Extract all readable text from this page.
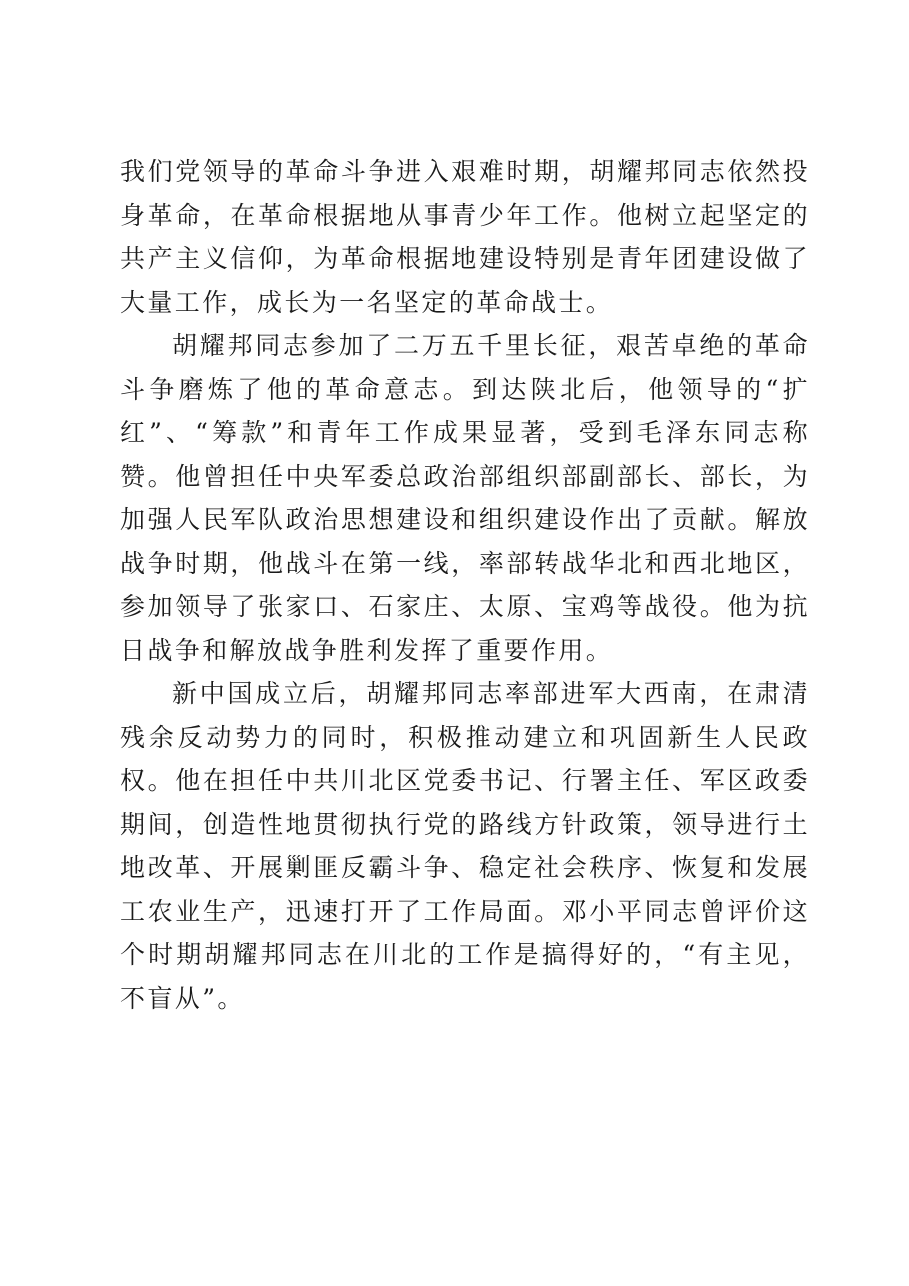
我们党领导的革命斗争进入艰难时期，胡耀邦同志依然投身革命，在革命根据地从事青少年工作。他树立起坚定的共产主义信仰，为革命根据地建设特别是青年团建设做了大量工作，成长为一名坚定的革命战士。

胡耀邦同志参加了二万五千里长征，艰苦卓绝的革命斗争磨炼了他的革命意志。到达陕北后，他领导的“扩红”、“筹款”和青年工作成果显著，受到毛泽东同志称赞。他曾担任中央军委总政治部组织部副部长、部长，为加强人民军队政治思想建设和组织建设作出了贡献。解放战争时期，他战斗在第一线，率部转战华北和西北地区，参加领导了张家口、石家庄、太原、宝鸡等战役。他为抗日战争和解放战争胜利发挥了重要作用。

新中国成立后，胡耀邦同志率部进军大西南，在肃清残余反动势力的同时，积极推动建立和巩固新生人民政权。他在担任中共川北区党委书记、行署主任、军区政委期间，创造性地贯彻执行党的路线方针政策，领导进行土地改革、开展剿匪反霸斗争、稳定社会秩序、恢复和发展工农业生产，迅速打开了工作局面。邓小平同志曾评价这个时期胡耀邦同志在川北的工作是搞得好的，“有主见，不盲从”。
